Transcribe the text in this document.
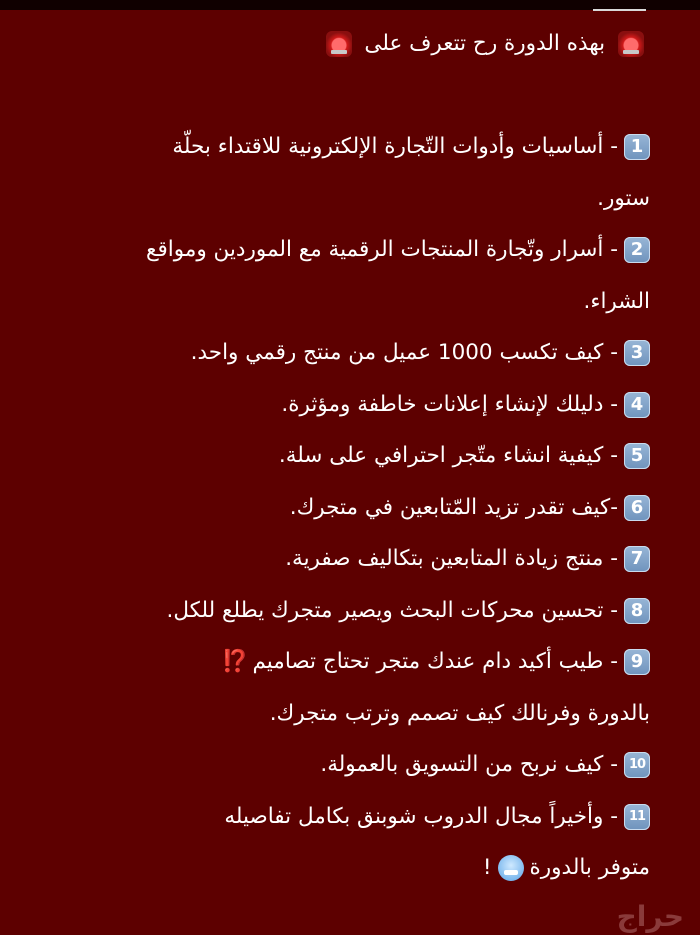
بهذه الدورة رح تتعرف على
1- أساسيات وأدوات التّجارة الإلكترونية للاقتداء بحلّة
ستور.
2- أسرار وتّجارة المنتجات الرقمية مع الموردين ومواقع
الشراء.
3- كيف تكسب 1000 عميل من منتج رقمي واحد.
4- دليلك لإنشاء إعلانات خاطفة ومؤثرة.
5- كيفية انشاء متّجر احترافي على سلة.
6-كيف تقدر تزيد المّتابعين في متجرك.
7- منتج زيادة المتابعين بتكاليف صفرية.
8- تحسين محركات البحث ويصير متجرك يطلع للكل.
9- طيب أكيد دام عندك متجر تحتاج تصاميم⁉️
بالدورة وفرنالك كيف تصمم وترتب متجرك.
10- كيف نربح من التسويق بالعمولة.
11- وأخيراً مجال الدروب شوبنق بكامل تفاصيله
متوفر بالدورة!
حراج
